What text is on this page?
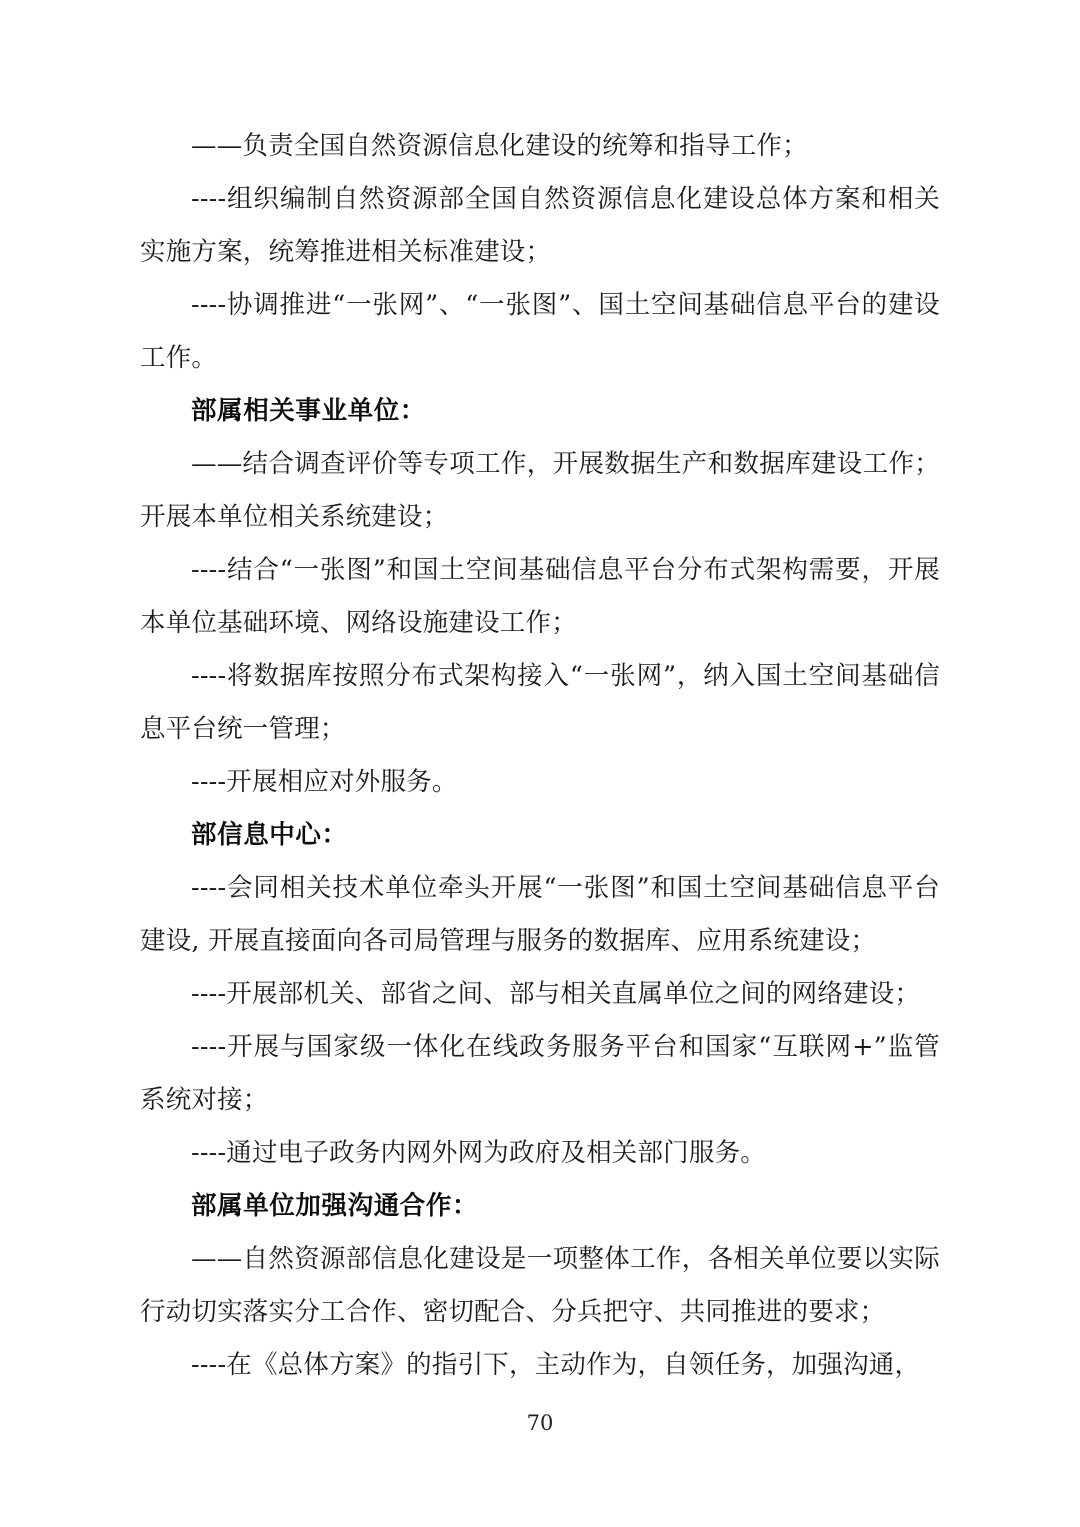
——负责全国自然资源信息化建设的统筹和指导工作；

----组织编制自然资源部全国自然资源信息化建设总体方案和相关实施方案，统筹推进相关标准建设；

----协调推进“一张网”、“一张图”、国土空间基础信息平台的建设工作。

部属相关事业单位：

——结合调查评价等专项工作，开展数据生产和数据库建设工作；开展本单位相关系统建设；

----结合“一张图”和国土空间基础信息平台分布式架构需要，开展本单位基础环境、网络设施建设工作；

----将数据库按照分布式架构接入“一张网”，纳入国土空间基础信息平台统一管理；

----开展相应对外服务。

部信息中心：

----会同相关技术单位牵头开展“一张图”和国土空间基础信息平台建设, 开展直接面向各司局管理与服务的数据库、应用系统建设；

----开展部机关、部省之间、部与相关直属单位之间的网络建设；

----开展与国家级一体化在线政务服务平台和国家“互联网+”监管系统对接；

----通过电子政务内网外网为政府及相关部门服务。

部属单位加强沟通合作：

——自然资源部信息化建设是一项整体工作，各相关单位要以实际行动切实落实分工合作、密切配合、分兵把守、共同推进的要求；

----在《总体方案》的指引下，主动作为，自领任务，加强沟通，

70
